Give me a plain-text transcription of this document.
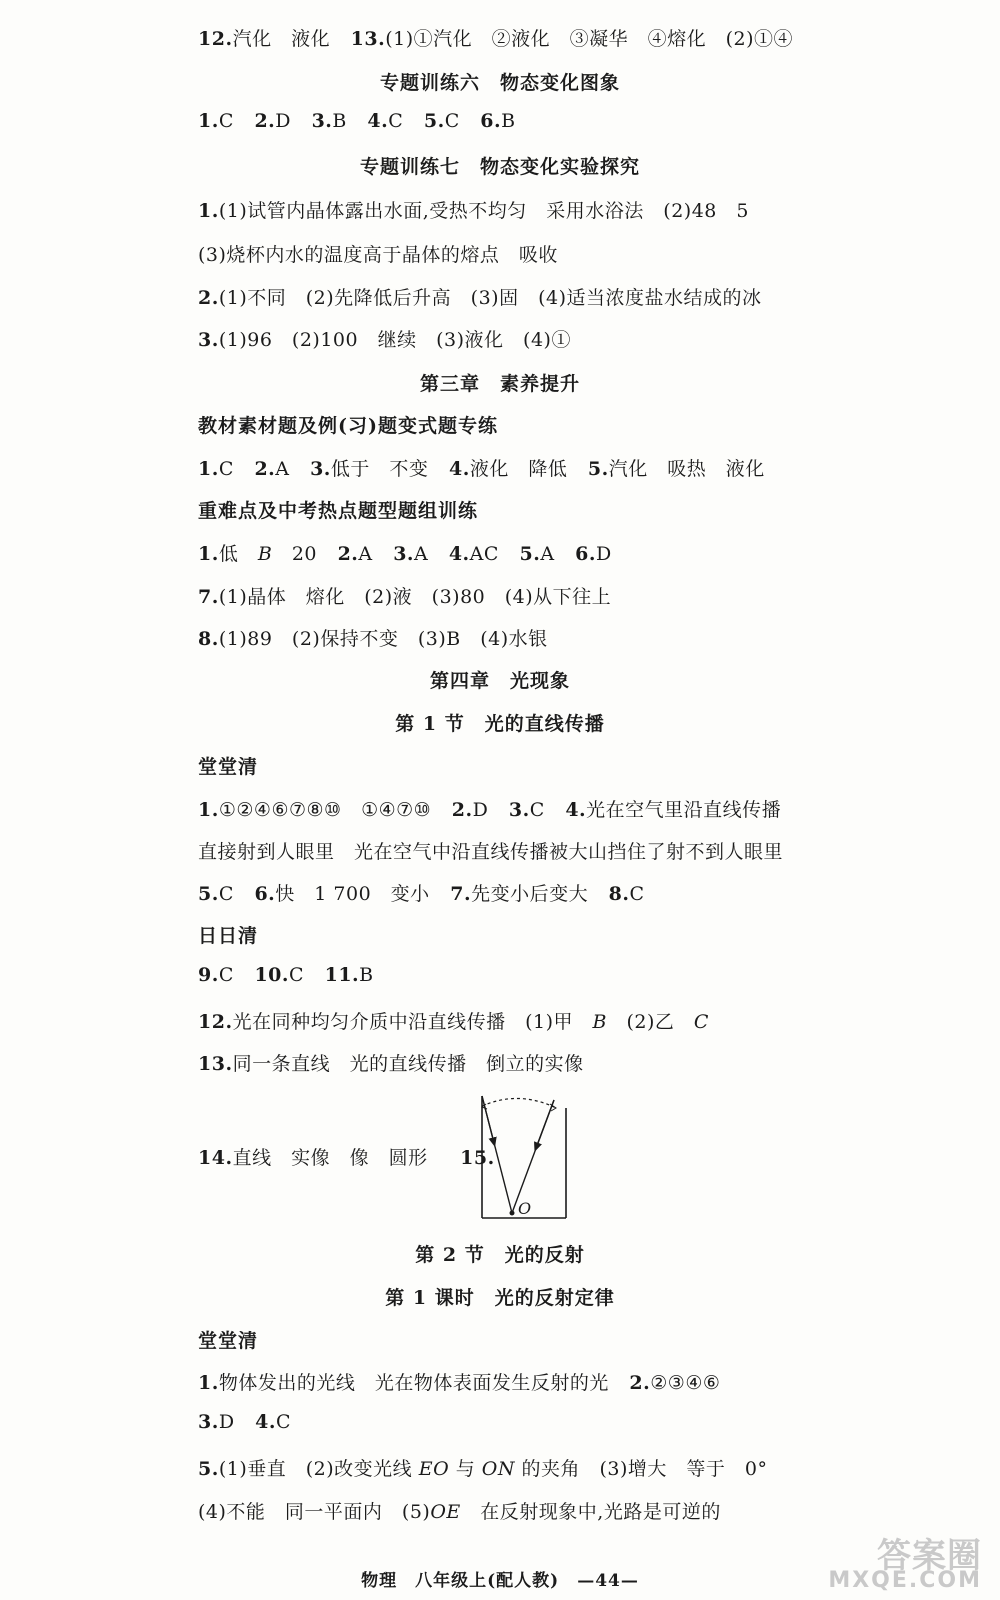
12.汽化　液化 13.(1)①汽化　②液化　③凝华　④熔化　(2)①④
专题训练六　物态变化图象
1.C 2.D 3.B 4.C 5.C 6.B
专题训练七　物态变化实验探究
1.(1)试管内晶体露出水面,受热不均匀　采用水浴法　(2)48　5
(3)烧杯内水的温度高于晶体的熔点　吸收
2.(1)不同　(2)先降低后升高　(3)固　(4)适当浓度盐水结成的冰
3.(1)96　(2)100　继续　(3)液化　(4)①
第三章　素养提升
教材素材题及例(习)题变式题专练
1.C 2.A 3.低于　不变 4.液化　降低 5.汽化　吸热　液化
重难点及中考热点题型题组训练
1.低　B　20 2.A 3.A 4.AC 5.A 6.D
7.(1)晶体　熔化　(2)液　(3)80　(4)从下往上
8.(1)89　(2)保持不变　(3)B　(4)水银
第四章　光现象
第 1 节　光的直线传播
堂堂清
1.①②④⑥⑦⑧⑩　①④⑦⑩ 2.D 3.C 4.光在空气里沿直线传播
直接射到人眼里　光在空气中沿直线传播被大山挡住了射不到人眼里
5.C 6.快　1 700　变小 7.先变小后变大 8.C
日日清
9.C 10.C 11.B
12.光在同种均匀介质中沿直线传播　(1)甲　B　(2)乙　C
13.同一条直线　光的直线传播　倒立的实像
14.直线　实像　像　圆形 15.
O
第 2 节　光的反射
第 1 课时　光的反射定律
堂堂清
1.物体发出的光线　光在物体表面发生反射的光 2.②③④⑥
3.D 4.C
5.(1)垂直　(2)改变光线 EO 与 ON 的夹角　(3)增大　等于　0°
(4)不能　同一平面内　(5)OE　在反射现象中,光路是可逆的
物理　八年级上(配人教)　—44—
答案圈
MXQE.COM
